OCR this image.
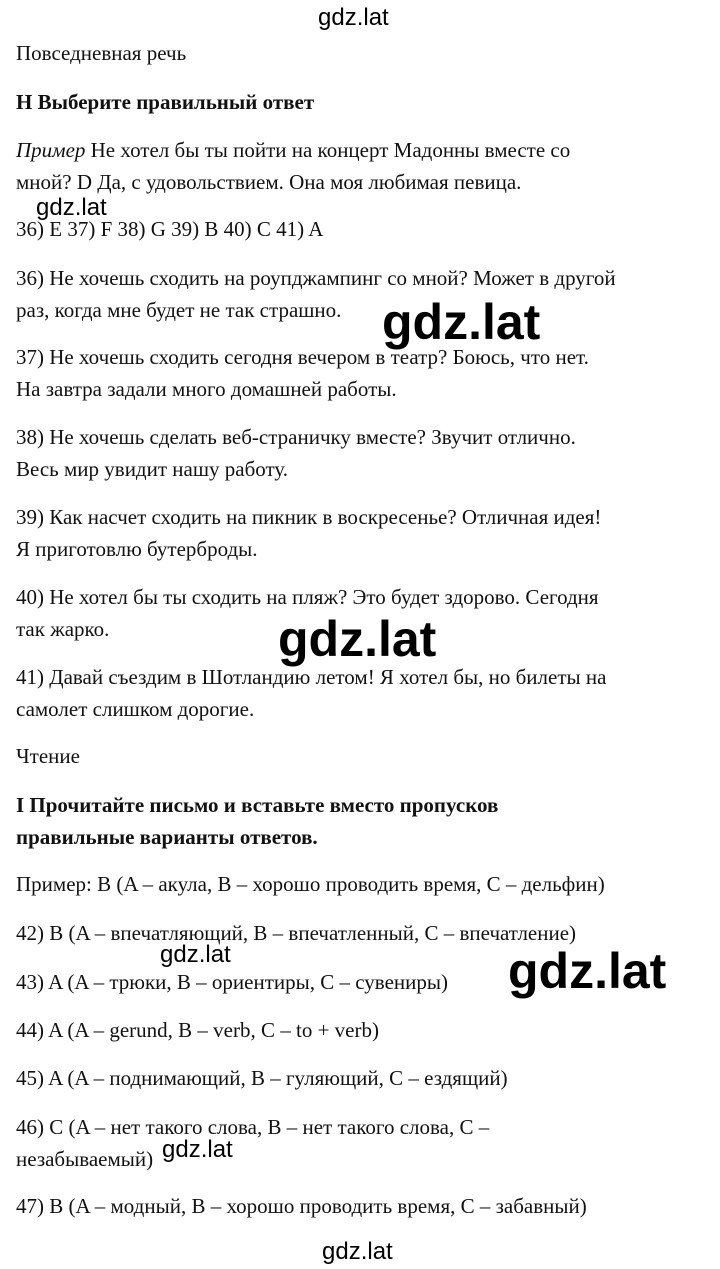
gdz.lat
gdz.lat
gdz.lat
gdz.lat
gdz.lat	gdz.lat
gdz.lat
gdz.lat

Повседневная речь

H Выберите правильный ответ

Пример Не хотел бы ты пойти на концерт Мадонны вместе со

мной? D Да, с удовольствием. Она моя любимая певица.

36) E 37) F 38) G 39) B 40) C 41) A

36) Не хочешь сходить на роупджампинг со мной? Может в другой

раз, когда мне будет не так страшно.

37) Не хочешь сходить сегодня вечером в театр? Боюсь, что нет.

На завтра задали много домашней работы.

38) Не хочешь сделать веб-страничку вместе? Звучит отлично.

Весь мир увидит нашу работу.

39) Как насчет сходить на пикник в воскресенье? Отличная идея!

Я приготовлю бутерброды.

40) Не хотел бы ты сходить на пляж? Это будет здорово. Сегодня

так жарко.

41) Давай съездим в Шотландию летом! Я хотел бы, но билеты на

самолет слишком дорогие.

Чтение

I Прочитайте письмо и вставьте вместо пропусков

правильные варианты ответов.

Пример: B (A – акула, B – хорошо проводить время, C – дельфин)

42) B (A – впечатляющий, B – впечатленный, C – впечатление)

43) A (A – трюки, B – ориентиры, C – сувениры)

44) A (A – gerund, B – verb, C – to + verb)

45) A (A – поднимающий, B – гуляющий, C – ездящий)

46) C (A – нет такого слова, B – нет такого слова, C –

незабываемый)

47) B (A – модный, B – хорошо проводить время, C – забавный)
